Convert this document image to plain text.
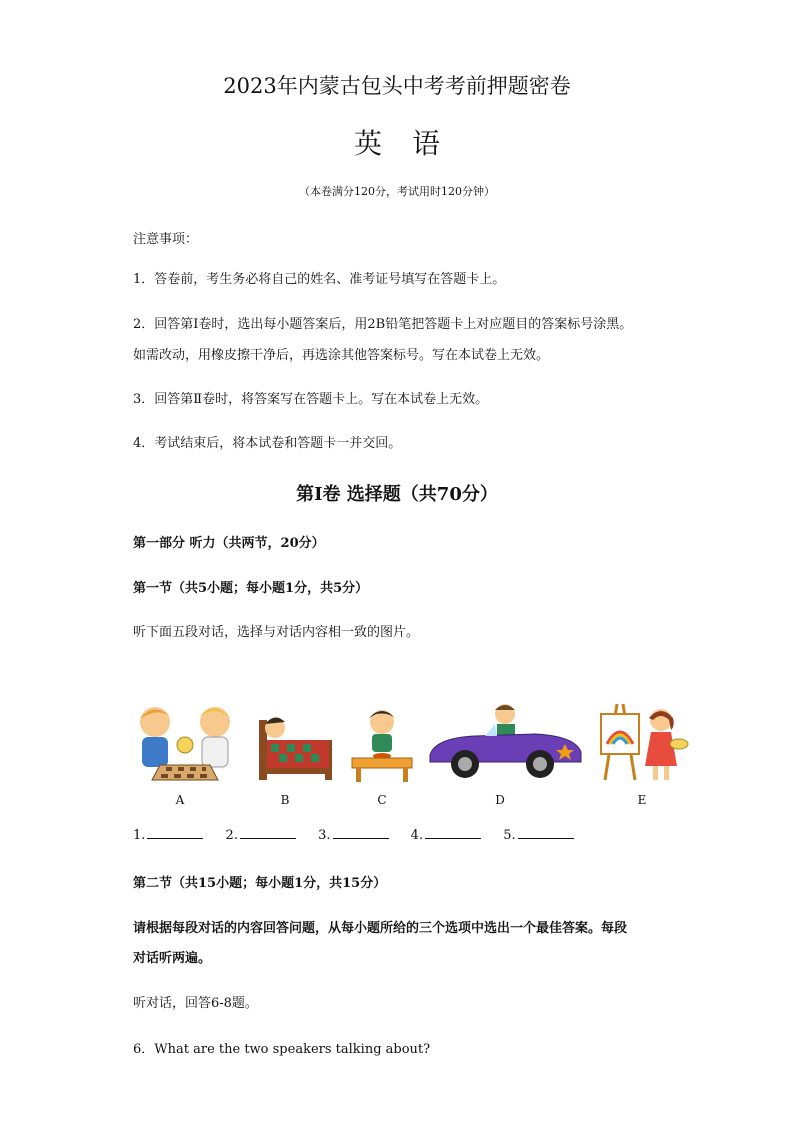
2023年内蒙古包头中考考前押题密卷
英语
（本卷满分120分，考试用时120分钟）
注意事项：
1．答卷前，考生务必将自己的姓名、准考证号填写在答题卡上。
2．回答第Ⅰ卷时，选出每小题答案后，用2B铅笔把答题卡上对应题目的答案标号涂黑。
如需改动，用橡皮擦干净后，再选涂其他答案标号。写在本试卷上无效。
3．回答第Ⅱ卷时，将答案写在答题卡上。写在本试卷上无效。
4．考试结束后，将本试卷和答题卡一并交回。
第Ⅰ卷 选择题（共70分）
第一部分 听力（共两节，20分）
第一节（共5小题；每小题1分，共5分）
听下面五段对话，选择与对话内容相一致的图片。
A	B	C	D	E
1.	2.	3.	4.	5.
第二节（共15小题；每小题1分，共15分）
请根据每段对话的内容回答问题，从每小题所给的三个选项中选出一个最佳答案。每段
对话听两遍。
听对话，回答6-8题。
6．What are the two speakers talking about?
